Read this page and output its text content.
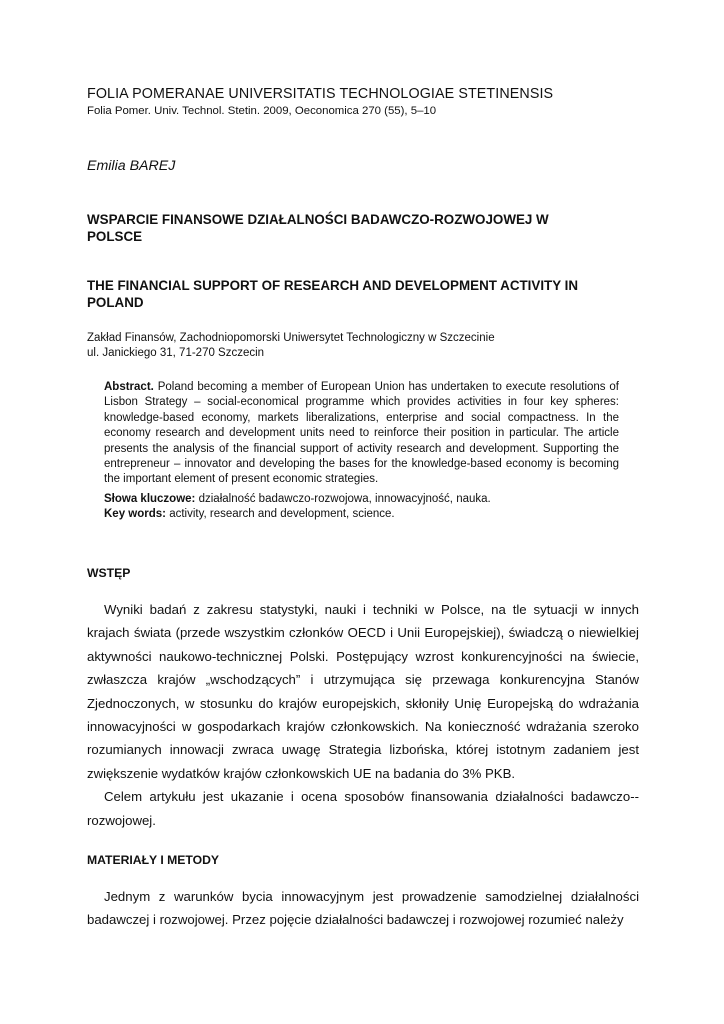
FOLIA POMERANAE UNIVERSITATIS TECHNOLOGIAE STETINENSIS
Folia Pomer. Univ. Technol. Stetin. 2009, Oeconomica 270 (55), 5–10
Emilia BAREJ
WSPARCIE FINANSOWE DZIAŁALNOŚCI BADAWCZO-ROZWOJOWEJ W POLSCE
THE FINANCIAL SUPPORT OF RESEARCH AND DEVELOPMENT ACTIVITY IN POLAND
Zakład Finansów, Zachodniopomorski Uniwersytet Technologiczny w Szczecinie
ul. Janickiego 31, 71-270 Szczecin
Abstract. Poland becoming a member of European Union has undertaken to execute resolutions of Lisbon Strategy – social-economical programme which provides activities in four key spheres: knowledge-based economy, markets liberalizations, enterprise and social compactness. In the economy research and development units need to reinforce their position in particular. The article presents the analysis of the financial support of activity research and development. Supporting the entrepreneur – innovator and developing the bases for the knowledge-based economy is becoming the important element of present economic strategies.
Słowa kluczowe: działalność badawczo-rozwojowa, innowacyjność, nauka.
Key words: activity, research and development, science.
WSTĘP

Wyniki badań z zakresu statystyki, nauki i techniki w Polsce, na tle sytuacji w innych krajach świata (przede wszystkim członków OECD i Unii Europejskiej), świadczą o niewielkiej aktywności naukowo-technicznej Polski. Postępujący wzrost konkurencyjności na świecie, zwłaszcza krajów „wschodzących” i utrzymująca się przewaga konkurencyjna Stanów Zjednoczonych, w stosunku do krajów europejskich, skłoniły Unię Europejską do wdrażania innowacyjności w gospodarkach krajów członkowskich. Na konieczność wdrażania szeroko rozumianych innowacji zwraca uwagę Strategia lizbońska, której istotnym zadaniem jest zwiększenie wydatków krajów członkowskich UE na badania do 3% PKB.

Celem artykułu jest ukazanie i ocena sposobów finansowania działalności badawczo--rozwojowej.

MATERIAŁY I METODY

Jednym z warunków bycia innowacyjnym jest prowadzenie samodzielnej działalności badawczej i rozwojowej. Przez pojęcie działalności badawczej i rozwojowej rozumieć należy
